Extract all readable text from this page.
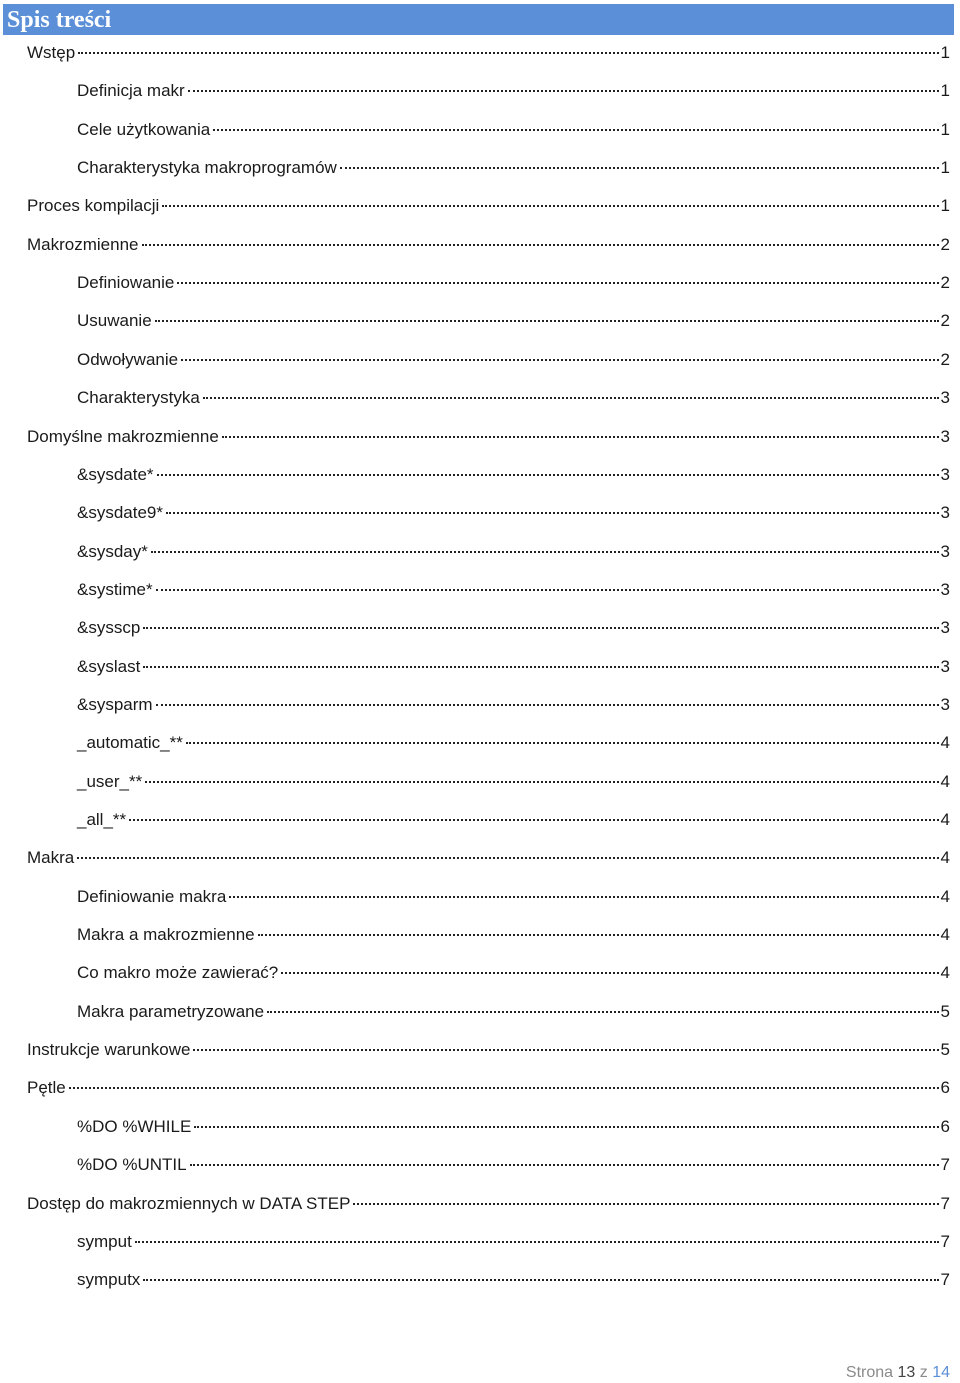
Spis treści
Wstęp	1
Definicja makr	1
Cele użytkowania	1
Charakterystyka makroprogramów	1
Proces kompilacji	1
Makrozmienne	2
Definiowanie	2
Usuwanie	2
Odwoływanie	2
Charakterystyka	3
Domyślne makrozmienne	3
&sysdate*	3
&sysdate9*	3
&sysday*	3
&systime*	3
&sysscp	3
&syslast	3
&sysparm	3
_automatic_**	4
_user_**	4
_all_**	4
Makra	4
Definiowanie makra	4
Makra a makrozmienne	4
Co makro może zawierać?	4
Makra parametryzowane	5
Instrukcje warunkowe	5
Pętle	6
%DO %WHILE	6
%DO %UNTIL	7
Dostęp do makrozmiennych w DATA STEP	7
symput	7
symputx	7
Strona 13 z 14
